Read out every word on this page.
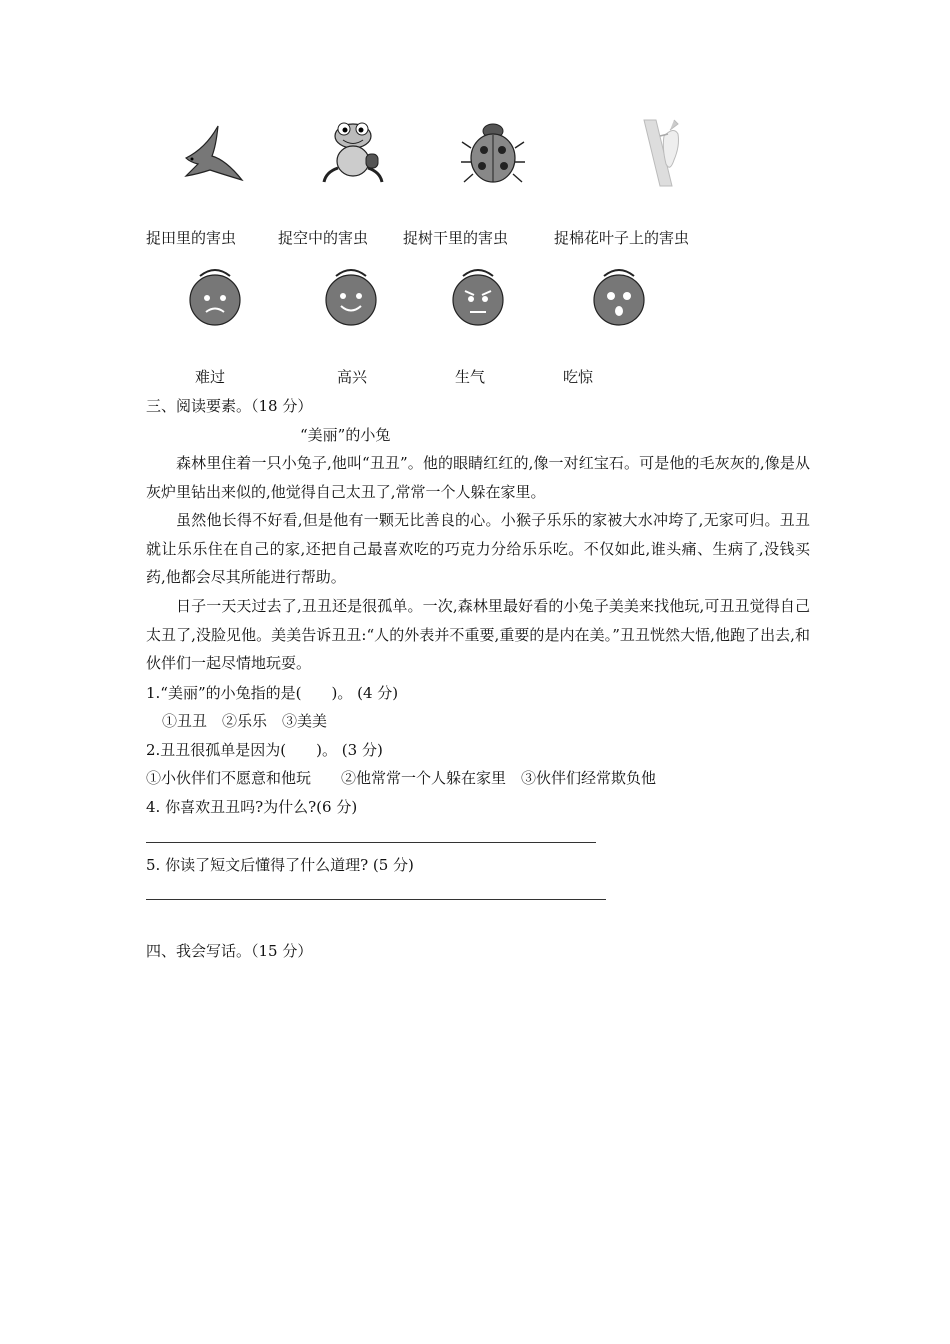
捉田里的害虫	捉空中的害虫 捉树干里的害虫	捉棉花叶子上的害虫
难过	高兴	生气	吃惊
三、阅读要素。（18 分）
“美丽”的小兔
森林里住着一只小兔子,他叫“丑丑”。他的眼睛红红的,像一对红宝石。可是他的毛灰灰的,像是从灰炉里钻出来似的,他觉得自己太丑了,常常一个人躲在家里。
虽然他长得不好看,但是他有一颗无比善良的心。小猴子乐乐的家被大水冲垮了,无家可归。丑丑就让乐乐住在自己的家,还把自己最喜欢吃的巧克力分给乐乐吃。不仅如此,谁头痛、生病了,没钱买药,他都会尽其所能进行帮助。
日子一天天过去了,丑丑还是很孤单。一次,森林里最好看的小兔子美美来找他玩,可丑丑觉得自己太丑了,没脸见他。美美告诉丑丑:“人的外表并不重要,重要的是内在美。”丑丑恍然大悟,他跑了出去,和伙伴们一起尽情地玩耍。
1.“美丽”的小兔指的是(　　)。 (4 分)
①丑丑　②乐乐　③美美
2.丑丑很孤单是因为(　　)。 (3 分)
①小伙伴们不愿意和他玩　　②他常常一个人躲在家里　③伙伴们经常欺负他
4. 你喜欢丑丑吗?为什么?(6 分)
5. 你读了短文后懂得了什么道理? (5 分)
四、我会写话。（15 分）
